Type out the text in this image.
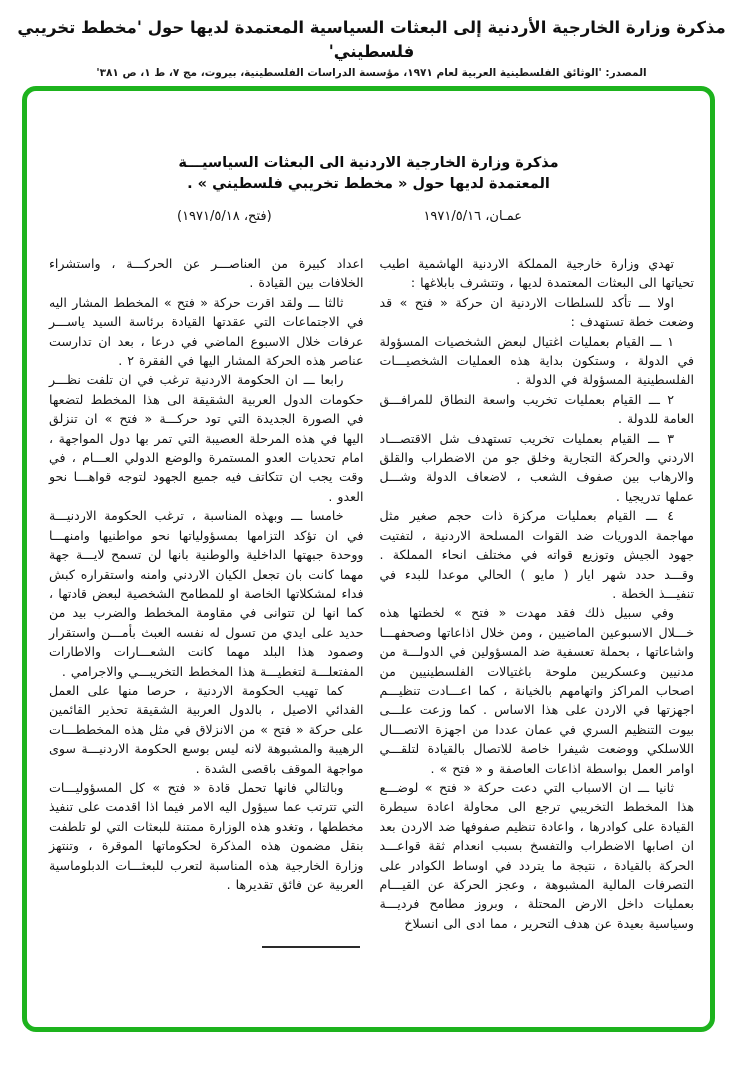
مذكرة وزارة الخارجية الأردنية إلى البعثات السياسية المعتمدة لديها حول 'مخطط تخريبي فلسطيني'
المصدر: 'الوثائق الفلسطينية العربية لعام ١٩٧١، مؤسسة الدراسات الفلسطينية، بيروت، مج ٧، ط ١، ص ٣٨١'
مذكرة وزارة الخارجية الاردنية الى البعثات السياسيـــة
المعتمدة لديها حول « مخطط تخريبي فلسطيني » .
عمـان، ١٩٧١/٥/١٦
(فتح، ١٩٧١/٥/١٨)

تهدي وزارة خارجية المملكة الاردنية الهاشمية اطيب تحياتها الى البعثات المعتمدة لديها ، وتتشرف بابلاغها :

اولا ـــ تأكد للسلطات الاردنية ان حركة « فتح » قد وضعت خطة تستهدف :

١ ـــ القيام بعمليات اغتيال لبعض الشخصيات المسؤولة في الدولة ، وستكون بداية هذه العمليات الشخصيـــات الفلسطينية المسؤولة في الدولة .

٢ ـــ القيام بعمليات تخريب واسعة النطاق للمرافـــق العامة للدولة .

٣ ـــ القيام بعمليات تخريب تستهدف شل الاقتصـــاد الاردني والحركة التجارية وخلق جو من الاضطراب والقلق والارهاب بين صفوف الشعب ، لاضعاف الدولة وشـــل عملها تدريجيا .

٤ ـــ القيام بعمليات مركزة ذات حجم صغير مثل مهاجمة الدوريات ضد القوات المسلحة الاردنية ، لتفتيت جهود الجيش وتوزيع قواته في مختلف انحاء المملكة . وقـــد حدد شهر ايار ( مايو ) الحالي موعدا للبدء في تنفيـــذ الخطة .

وفي سبيل ذلك فقد مهدت « فتح » لخطتها هذه خـــلال الاسبوعين الماضيين ، ومن خلال اذاعاتها وصحفهـــا واشاعاتها ، بحملة تعسفية ضد المسؤولين في الدولـــة من مدنيين وعسكريين ملوحة باغتيالات الفلسطينيين من اصحاب المراكز واتهامهم بالخيانة ، كما اعـــادت تنظيـــم اجهزتها في الاردن على هذا الاساس . كما وزعت علـــى بيوت التنظيم السري في عمان عددا من اجهزة الاتصـــال اللاسلكي ووضعت شيفرا خاصة للاتصال بالقيادة لتلقـــي اوامر العمل بواسطة اذاعات العاصفة و « فتح » .

ثانيا ـــ ان الاسباب التي دعت حركة « فتح » لوضـــع هذا المخطط التخريبي ترجع الى محاولة اعادة سيطرة القيادة على كوادرها ، واعادة تنظيم صفوفها ضد الاردن بعد ان اصابها الاضطراب والتفسخ بسبب انعدام ثقة قواعـــد الحركة بالقيادة ، نتيجة ما يتردد في اوساط الكوادر على التصرفات المالية المشبوهة ، وعجز الحركة عن القيـــام بعمليات داخل الارض المحتلة ، وبروز مطامح فرديـــة وسياسية بعيدة عن هدف التحرير ، مما ادى الى انسلاخ

اعداد كبيرة من العناصـــر عن الحركـــة ، واستشراء الخلافات بين القيادة .

ثالثا ـــ ولقد اقرت حركة « فتح » المخطط المشار اليه في الاجتماعات التي عقدتها القيادة برئاسة السيد ياســـر عرفات خلال الاسبوع الماضي في درعا ، بعد ان تدارست عناصر هذه الحركة المشار اليها في الفقرة ٢ .

رابعا ـــ ان الحكومة الاردنية ترغب في ان تلفت نظـــر حكومات الدول العربية الشقيقة الى هذا المخطط لتضعها في الصورة الجديدة التي تود حركـــة « فتح » ان تنزلق اليها في هذه المرحلة العصيبة التي تمر بها دول المواجهة ، امام تحديات العدو المستمرة والوضع الدولي العـــام ، في وقت يجب ان تتكاتف فيه جميع الجهود لتوجه قواهـــا نحو العدو .

خامسا ـــ وبهذه المناسبة ، ترغب الحكومة الاردنيـــة في ان تؤكد التزامها بمسؤولياتها نحو مواطنيها وامنهـــا ووحدة جبهتها الداخلية والوطنية بانها لن تسمح لايـــة جهة مهما كانت بان تجعل الكيان الاردني وامنه واستقراره كبش فداء لمشكلاتها الخاصة او للمطامح الشخصية لبعض قادتها ، كما انها لن تتوانى في مقاومة المخطط والضرب بيد من حديد على ايدي من تسول له نفسه العبث بأمـــن واستقرار وصمود هذا البلد مهما كانت الشعـــارات والاطارات المفتعلـــة لتغطيـــة هذا المخطط التخريبـــي والاجرامي .

كما تهيب الحكومة الاردنية ، حرصا منها على العمل الفدائي الاصيل ، بالدول العربية الشقيقة تحذير القائمين على حركة « فتح » من الانزلاق في مثل هذه المخططـــات الرهيبة والمشبوهة لانه ليس بوسع الحكومة الاردنيـــة سوى مواجهة الموقف باقصى الشدة .

وبالتالي فانها تحمل قادة « فتح » كل المسؤوليـــات التي تترتب عما سيؤول اليه الامر فيما اذا اقدمت على تنفيذ مخططها ، وتغدو هذه الوزارة ممتنة للبعثات التي لو تلطفت بنقل مضمون هذه المذكرة لحكوماتها الموقرة ، وتنتهز وزارة الخارجية هذه المناسبة لتعرب للبعثـــات الدبلوماسية العربية عن فائق تقديرها .
